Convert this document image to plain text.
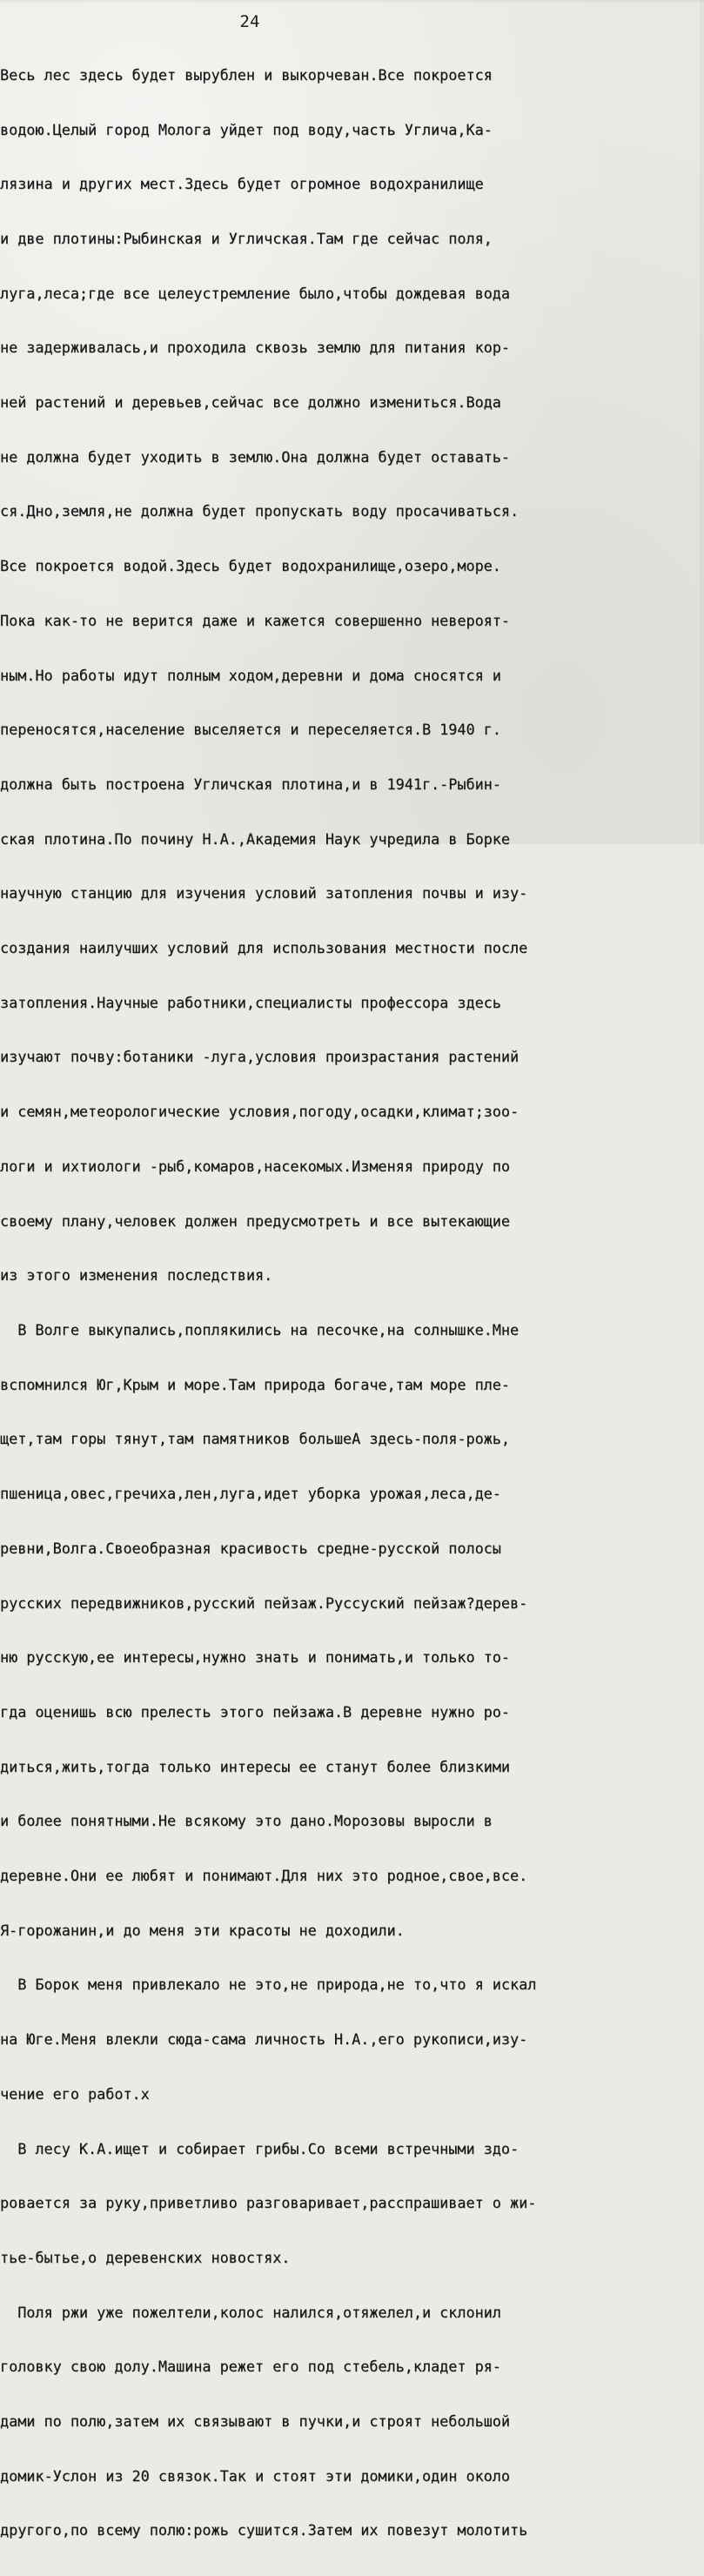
24

Весь лес здесь будет вырублен и выкорчеван.Все покроется

водою.Целый город Молога уйдет под воду,часть Углича,Ка-

лязина и других мест.Здесь будет огромное водохранилище

и две плотины:Рыбинская и Угличская.Там где сейчас поля,

луга,леса;где все целеустремление было,чтобы дождевая вода

не задерживалась,и проходила сквозь землю для питания кор-

ней растений и деревьев,сейчас все должно измениться.Вода

не должна будет уходить в землю.Она должна будет оставать-

ся.Дно,земля,не должна будет пропускать воду просачиваться.

Все покроется водой.Здесь будет водохранилище,озеро,море.

Пока как-то не верится даже и кажется совершенно невероят-

ным.Но работы идут полным ходом,деревни и дома сносятся и

переносятся,население выселяется и переселяется.В 1940 г.

должна быть построена Угличская плотина,и в 1941г.-Рыбин-

ская плотина.По почину Н.А.,Академия Наук учредила в Борке

научную станцию для изучения условий затопления почвы и изу-

создания наилучших условий для использования местности после

затопления.Научные работники,специалисты профессора здесь

изучают почву:ботаники -луга,условия произрастания растений

и семян,метеорологические условия,погоду,осадки,климат;зоо-

логи и ихтиологи -рыб,комаров,насекомых.Изменяя природу по

своему плану,человек должен предусмотреть и все вытекающие

из этого изменения последствия.

В Волге выкупались,поплякились на песочке,на солнышке.Мне

вспомнился Юг,Крым и море.Там природа богаче,там море пле-

щет,там горы тянут,там памятников большеА здесь-поля-рожь,

пшеница,овес,гречиха,лен,луга,идет уборка урожая,леса,де-

ревни,Волга.Своеобразная красивость средне-русской полосы

русских передвижников,русский пейзаж.Руссуский пейзаж?дерев-

ню русскую,ее интересы,нужно знать и понимать,и только то-

гда оценишь всю прелесть этого пейзажа.В деревне нужно ро-

диться,жить,тогда только интересы ее станут более близкими

и более понятными.Не всякому это дано.Морозовы выросли в

деревне.Они ее любят и понимают.Для них это родное,свое,все.

Я-горожанин,и до меня эти красоты не доходили.

В Борок меня привлекало не это,не природа,не то,что я искал

на Юге.Меня влекли сюда-сама личность Н.А.,его рукописи,изу-

чение его работ.х

В лесу К.А.ищет и собирает грибы.Со всеми встречными здо-

ровается за руку,приветливо разговаривает,расспрашивает о жи-

тье-бытье,о деревенских новостях.

Поля ржи уже пожелтели,колос налился,отяжелел,и склонил

головку свою долу.Машина режет его под стебель,кладет ря-

дами по полю,затем их связывают в пучки,и строят небольшой

домик-Услон из 20 связок.Так и стоят эти домики,один около

другого,по всему полю:рожь сушится.Затем их повезут молотить
